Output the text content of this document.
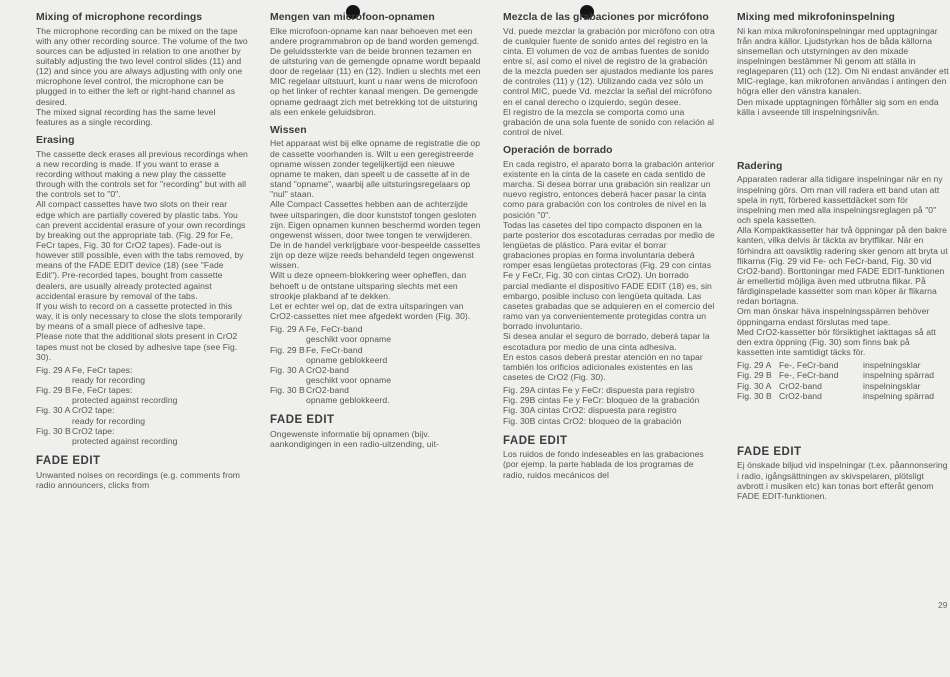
Mixing of microphone recordings

The microphone recording can be mixed on the tape with any other recording source. The volume of the two sources can be adjusted in relation to one another by suitably adjusting the two level control slides (11) and (12) and since you are always adjusting with only one microphone level control, the microphone can be plugged in to either the left or right-hand channel as desired.

The mixed signal recording has the same level features as a single recording.

Erasing

The cassette deck erases all previous recordings when a new recording is made. If you want to erase a recording without making a new play the cassette through with the controls set for "recording" but with all the controls set to "0".

All compact cassettes have two slots on their rear edge which are partially covered by plastic tabs. You can prevent accidental erasure of your own recordings by breaking out the appropriate tab. (Fig. 29 for Fe, FeCr tapes, Fig. 30 for CrO2 tapes). Fade-out is however still possible, even with the tabs removed, by means of the FADE EDIT device (18) (see "Fade Edit"). Pre-recorded tapes, bought from cassette dealers, are usually already protected against accidental erasure by removal of the tabs.

If you wish to record on a cassette protected in this way, it is only necessary to close the slots temporarily by means of a small piece of adhesive tape.

Please note that the additional slots present in CrO2 tapes must not be closed by adhesive tape (see Fig. 30).

Fig. 29 A Fe, FeCr tapes:
ready for recording
Fig. 29 B Fe, FeCr tapes:
protected against recording
Fig. 30 A CrO2 tape:
ready for recording
Fig. 30 B CrO2 tape:
protected against recording
FADE EDIT

Unwanted noises on recordings (e.g. comments from radio announcers, clicks from

Mengen van microfoon-opnamen

Elke microfoon-opname kan naar behoeven met een andere programmabron op de band worden gemengd.

De geluidssterkte van de beide bronnen tezamen en de uitsturing van de gemengde opname wordt bepaald door de regelaar (11) en (12). Indien u slechts met een MIC regelaar uitstuurt, kunt u naar wens de microfoon op het linker of rechter kanaal mengen. De gemengde opname gedraagt zich met betrekking tot de uitsturing als een enkele geluidsbron.

Wissen

Het apparaat wist bij elke opname de registratie die op de cassette voorhanden is. Wilt u een geregistreerde opname wissen zonder tegelijkertijd een nieuwe opname te maken, dan speelt u de cassette af in de stand "opname", waarbij alle uitsturingsregelaars op "nul" staan.

Alle Compact Cassettes hebben aan de achterzijde twee uitsparingen, die door kunststof tongen gesloten zijn. Eigen opnamen kunnen beschermd worden tegen ongewenst wissen, door twee tongen te verwijderen. De in de handel verkrijgbare voor-bespeelde cassettes zijn op deze wijze reeds behandeld tegen ongewenst wissen.

Wilt u deze opneem-blokkering weer opheffen, dan behoeft u de ontstane uitsparing slechts met een strookje plakband af te dekken.

Let er echter wel op, dat de extra uitsparingen van CrO2-cassettes niet mee afgedekt worden (Fig. 30).

Fig. 29 A Fe, FeCr-band
geschikt voor opname
Fig. 29 B Fe, FeCr-band
opname geblokkeerd
Fig. 30 A CrO2-band
geschikt voor opname
Fig. 30 B CrO2-band
opname geblokkeerd.
FADE EDIT

Ongewenste informatie bij opnamen (bijv. aankondigingen in een radio-uitzending, uit-

Mezcla de las grabaciones por micrófono

Vd. puede mezclar la grabación por micrófono con otra de cualquier fuente de sonido antes del registro en la cinta. El volumen de voz de ambas fuentes de sonido entre sí, así como el nivel de registro de la grabación de la mezcla pueden ser ajustados mediante los pares de controles (11) y (12). Utilizando cada vez sólo un control MIC, puede Vd. mezclar la señal del micrófono en el canal derecho o izquierdo, según desee.

El registro de la mezcla se comporta como una grabación de una sola fuente de sonido con relación al control de nivel.

Operación de borrado

En cada registro, el aparato borra la grabación anterior existente en la cinta de la casete en cada sentido de marcha. Si desea borrar una grabación sin realizar un nuevo registro, entonces deberá hacer pasar la cinta como para grabación con los controles de nivel en la posición "0".

Todas las casetes del tipo compacto disponen en la parte posterior dos escotaduras cerradas por medio de lengüetas de plástico. Para evitar el borrar grabaciones propias en forma involuntaria deberá romper esas lengüetas protectoras (Fig. 29 con cintas Fe y FeCr, Fig. 30 con cintas CrO2). Un borrado parcial mediante el dispositivo FADE EDIT (18) es, sin embargo, posible incluso con lengüeta quitada. Las casetes grabadas que se adquieren en el comercio del ramo van ya convenientemente protegidas contra un borrado involuntario.

Si desea anular el seguro de borrado, deberá tapar la escotadura por medio de una cinta adhesiva.

En estos casos deberá prestar atención en no tapar también los orificios adicionales existentes en las casetes de CrO2 (Fig. 30).

Fig. 29A cintas Fe y FeCr: dispuesta para registro

Fig. 29B cintas Fe y FeCr: bloqueo de la grabación

Fig. 30A cintas CrO2: dispuesta para registro

Fig. 30B cintas CrO2: bloqueo de la grabación

FADE EDIT

Los ruidos de fondo indeseables en las grabaciones (por ejemp. la parte hablada de los programas de radio, ruidos mecánicos del

Mixing med mikrofoninspelning

Ni kan mixa mikrofoninspelningar med upptagningar från andra källor. Ljudstyrkan hos de båda källorna sinsemellan och utstyrningen av den mixade inspelningen bestämmer Ni genom att ställa in reglageparen (11) och (12). Om Ni endast använder ett MIC-reglage, kan mikrofonen användas i antingen den högra eller den vänstra kanalen.

Den mixade upptagningen förhåller sig som en enda källa i avseende till inspelningsnivån.

Radering

Apparaten raderar alla tidigare inspelningar när en ny inspelning görs. Om man vill radera ett band utan att spela in nytt, förbered kassettdäcket som för inspelning men med alla inspelningsreglagen på "0" och spela kassetten.

Alla Kompaktkassetter har två öppningar på den bakre kanten, vilka delvis är täckta av brytflikar. När en förhindra att oavsiktlig radering sker genom att bryta ut flikarna (Fig. 29 vid Fe- och FeCr-band, Fig. 30 vid CrO2-band). Borttoningar med FADE EDIT-funktionen är emellertid möjliga även med utbrutna flikar. På färdiginspelade kassetter som man köper är flikarna redan bortagna.

Om man önskar häva inspelningsspärren behöver öppningarna endast förslutas med tape.

Med CrO2-kassetter bör försiktighet iakttagas så att den extra öppning (Fig. 30) som finns bak på kassetten inte samtidigt täcks för.

Fig. 29 A Fe-, FeCr-band	inspelningsklar
Fig. 29 B Fe-, FeCr-band	inspelning spärrad
Fig. 30 A CrO2-band	inspelningsklar
Fig. 30 B CrO2-band	inspelning spärrad
FADE EDIT

Ej önskade biljud vid inspelningar (t.ex. påannonsering i radio, igångsättningen av skivspelaren, plötsligt avbrott i musiken etc) kan tonas bort efteråt genom FADE EDIT-funktionen.

29
